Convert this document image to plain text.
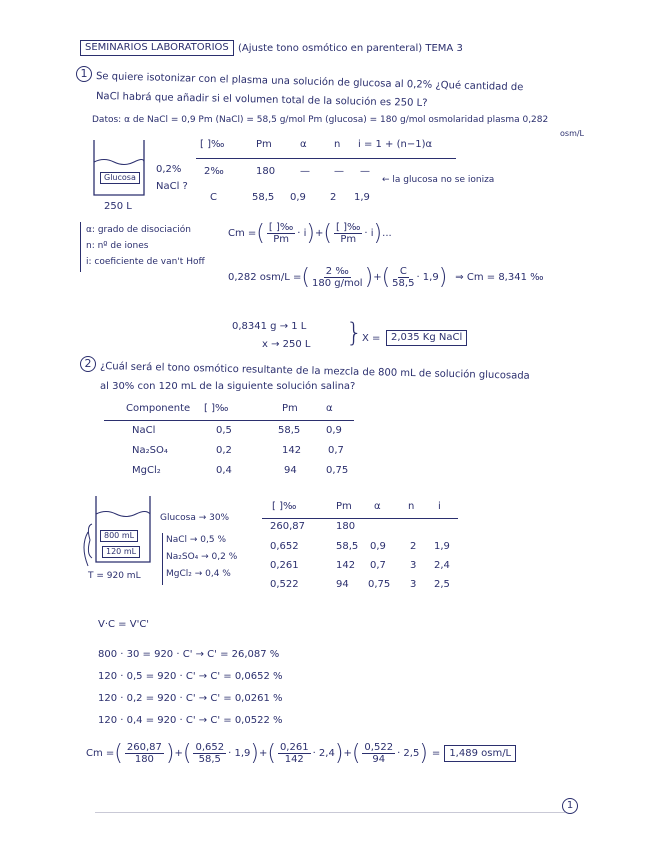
SEMINARIOS LABORATORIOS (Ajuste tono osmótico en parenteral) TEMA 3
1 Se quiere isotonizar con el plasma una solución de glucosa al 0,2% ¿Qué cantidad de
NaCl habrá que añadir si el volumen total de la solución es 250 L?
Datos: α de NaCl = 0,9 Pm (NaCl) = 58,5 g/mol Pm (glucosa) = 180 g/mol osmolaridad plasma 0,282
osm/L
Glucosa
0,2%
NaCl ?
250 L
[ ]‰	Pm	α	n i = 1 + (n−1)α
2‰	180 — — —
← la glucosa no se ioniza
C	58,5 0,9 2 1,9
α: grado de disociación
n: nº de iones
i: coeficiente de van't Hoff
Cm = ( [ ]‰
Pm
· i ) + ( [ ]‰
Pm
· i ) ...
0,282 osm/L = ( 2 ‰
180 g/mol ) + ( $\frac{C}{58,5} \cdot 1,9$ ) ⇒ Cm = 8,341 ‰
0,8341 g → 1 L
x → 250 L } X =	2,035 Kg NaCl
2 ¿Cuál será el tono osmótico resultante de la mezcla de 800 mL de solución glucosada
al 30% con 120 mL de la siguiente solución salina?
Componente [ ]‰	Pm	α
NaCl	0,5	58,5	0,9
Na₂SO₄	0,2	142	0,7
MgCl₂	0,4	94	0,75
800 mL
120 mL
T = 920 mL
Glucosa → 30%
NaCl → 0,5 %
Na₂SO₄ → 0,2 %
MgCl₂ → 0,4 %
[ ]‰	Pm α	n i
260,87	180
0,652	58,5 0,9 2 1,9
0,261	142 0,7 3 2,4
0,522	94 0,75 3 2,5
V·C = V'C'
800 · 30 = 920 · C' → C' = 26,087 %
120 · 0,5 = 920 · C' → C' = 0,0652 %
120 · 0,2 = 920 · C' → C' = 0,0261 %
120 · 0,4 = 920 · C' → C' = 0,0522 %
Cm = ( $\frac{260,87}{180}$ ) + ( $\frac{0,652}{58,5} \cdot 1,9$ ) + ( $\frac{0,261}{142} \cdot 2,4$ ) + ( $\frac{0,522}{94} \cdot 2,5$ ) = 1,489 osm/L
1
